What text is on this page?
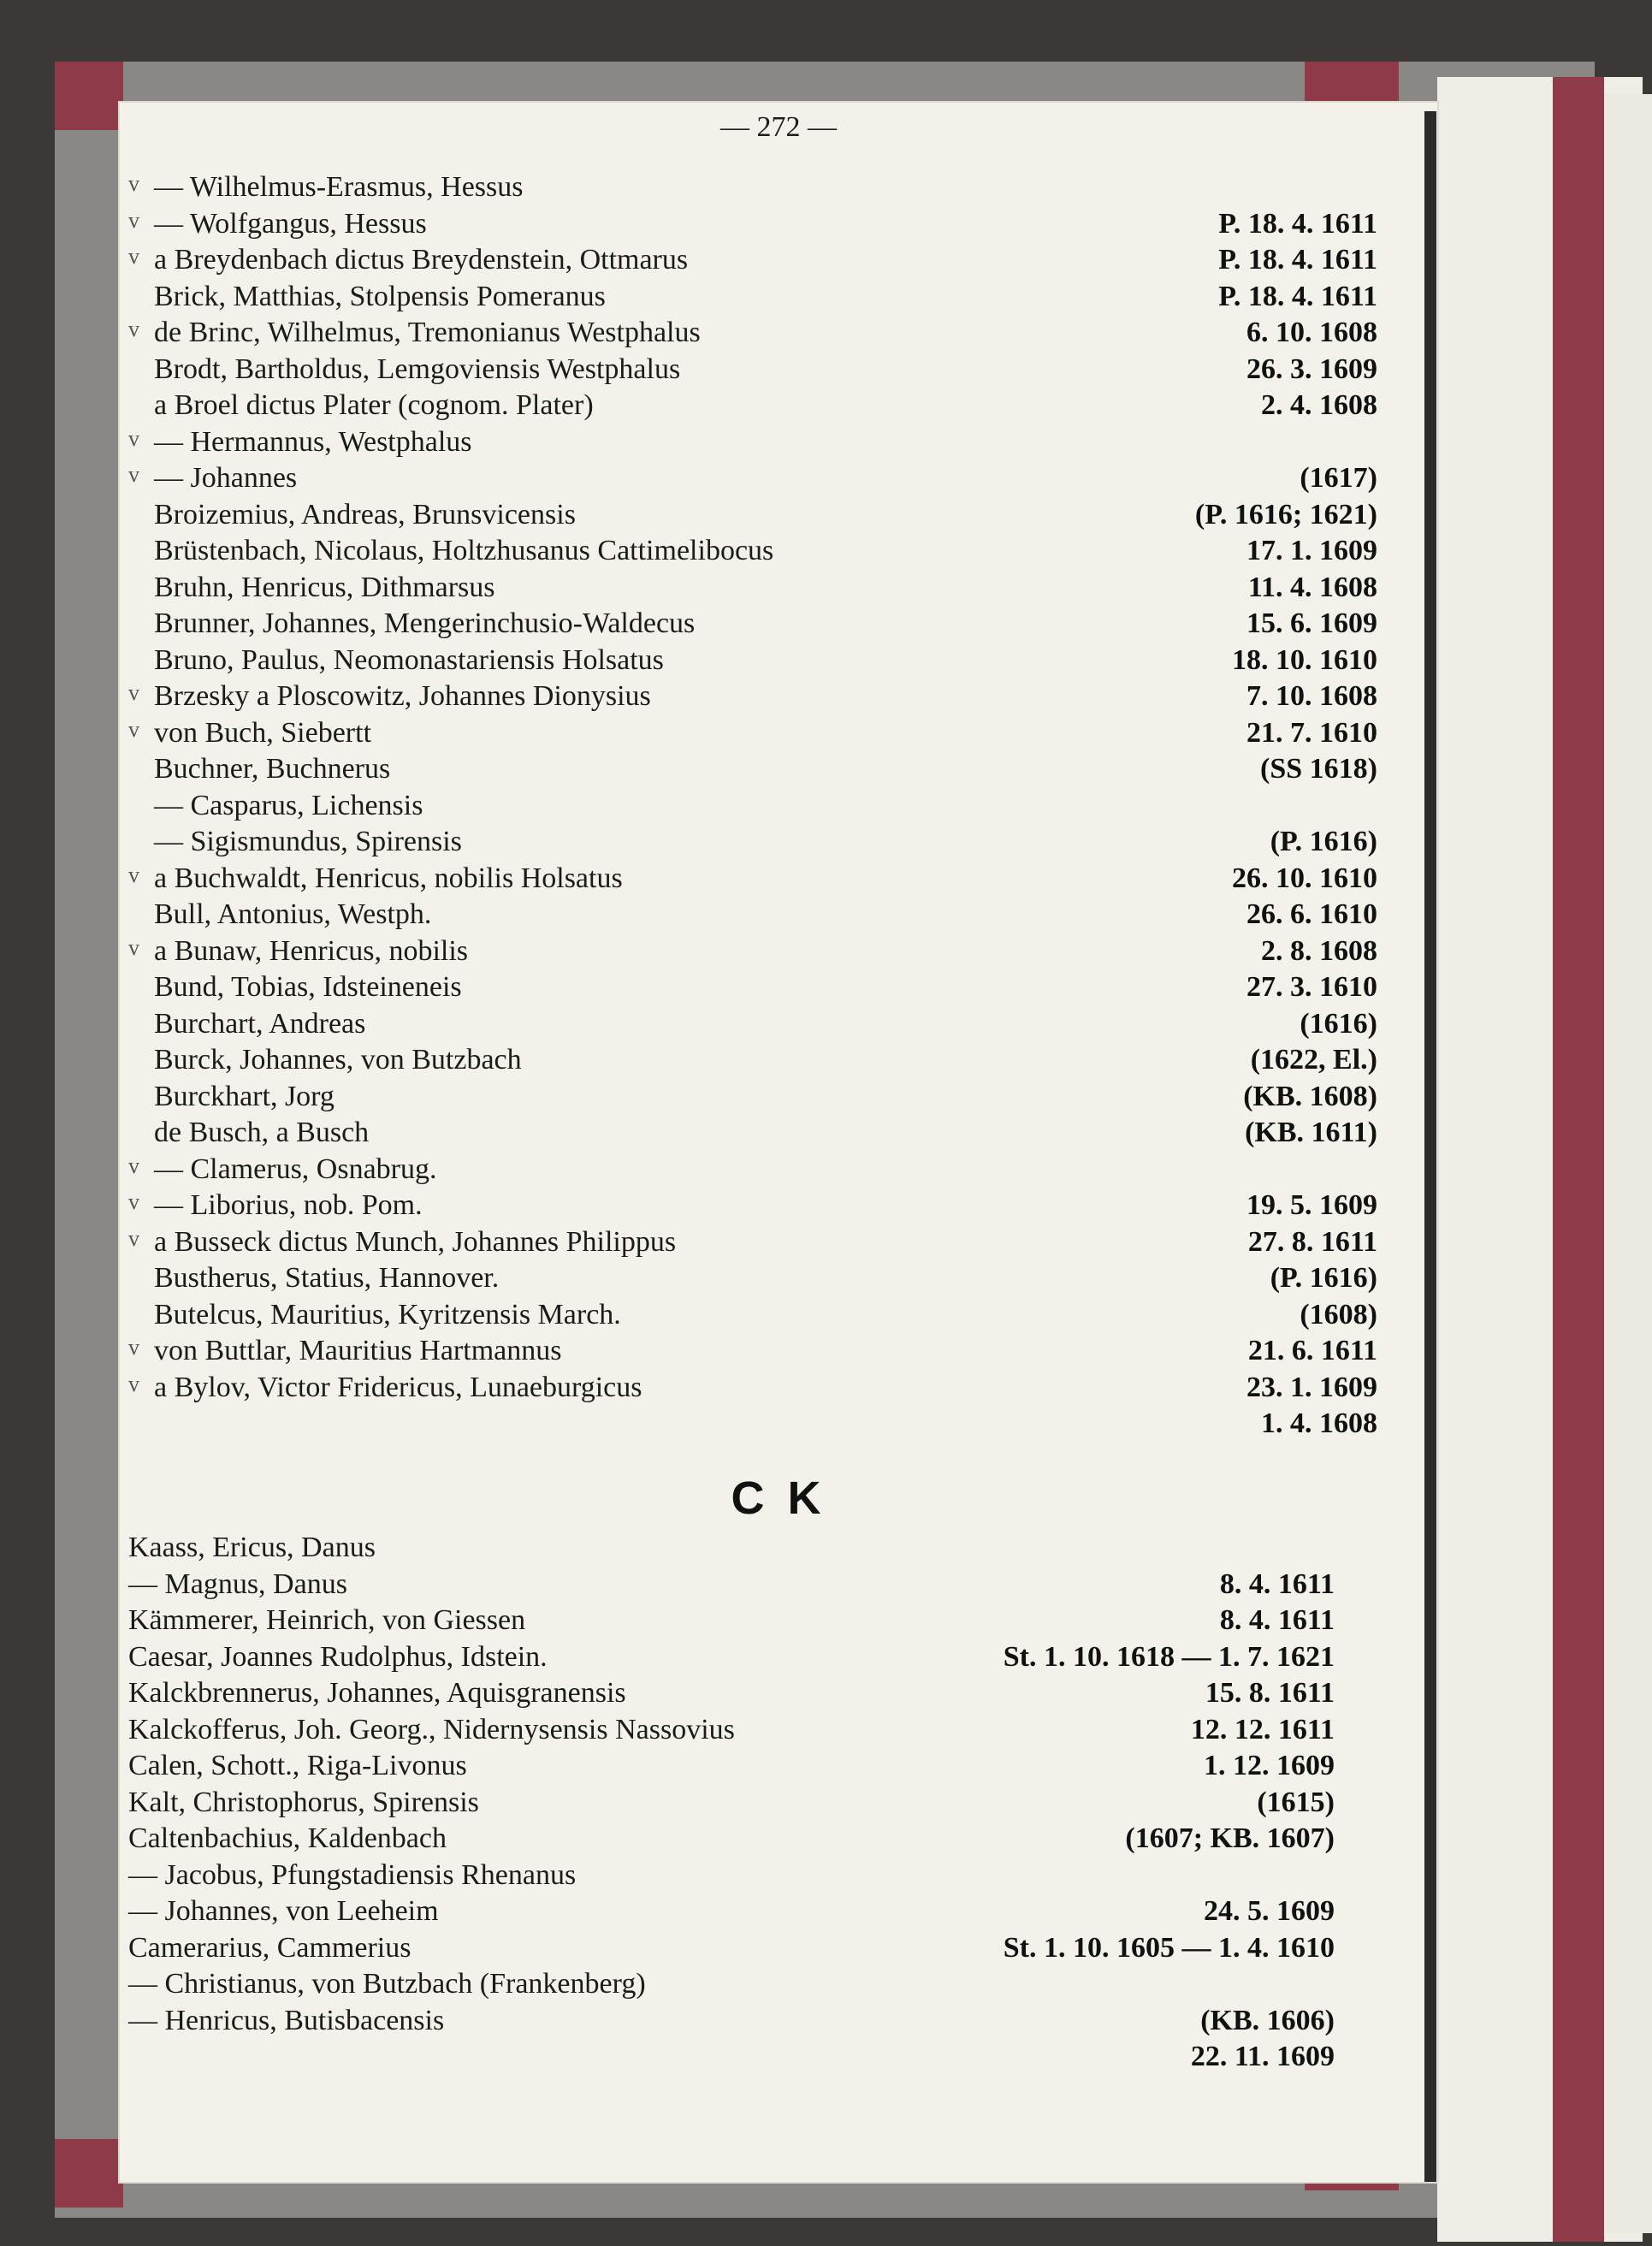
— 272 —
v — Wilhelmus-Erasmus, Hessus
v — Wolfgangus, Hessus	P. 18. 4. 1611
v a Breydenbach dictus Breydenstein, Ottmarus	P. 18. 4. 1611
Brick, Matthias, Stolpensis Pomeranus	P. 18. 4. 1611
v de Brinc, Wilhelmus, Tremonianus Westphalus	6. 10. 1608
Brodt, Bartholdus, Lemgoviensis Westphalus	26. 3. 1609
a Broel dictus Plater (cognom. Plater)	2. 4. 1608
v — Hermannus, Westphalus
v — Johannes	(1617)
Broizemius, Andreas, Brunsvicensis	(P. 1616; 1621)
Brüstenbach, Nicolaus, Holtzhusanus Cattimelibocus	17. 1. 1609
Bruhn, Henricus, Dithmarsus	11. 4. 1608
Brunner, Johannes, Mengerinchusio-Waldecus	15. 6. 1609
Bruno, Paulus, Neomonastariensis Holsatus	18. 10. 1610
v Brzesky a Ploscowitz, Johannes Dionysius	7. 10. 1608
v von Buch, Siebertt	21. 7. 1610
Buchner, Buchnerus	(SS 1618)
— Casparus, Lichensis
— Sigismundus, Spirensis	(P. 1616)
v a Buchwaldt, Henricus, nobilis Holsatus	26. 10. 1610
Bull, Antonius, Westph.	26. 6. 1610
v a Bunaw, Henricus, nobilis	2. 8. 1608
Bund, Tobias, Idsteineneis	27. 3. 1610
Burchart, Andreas	(1616)
Burck, Johannes, von Butzbach	(1622, El.)
Burckhart, Jorg	(KB. 1608)
de Busch, a Busch	(KB. 1611)
v — Clamerus, Osnabrug.
v — Liborius, nob. Pom.	19. 5. 1609
v a Busseck dictus Munch, Johannes Philippus	27. 8. 1611
Bustherus, Statius, Hannover.	(P. 1616)
Butelcus, Mauritius, Kyritzensis March.	(1608)
v von Buttlar, Mauritius Hartmannus	21. 6. 1611
v a Bylov, Victor Fridericus, Lunaeburgicus	23. 1. 1609
1. 4. 1608
C K
Kaass, Ericus, Danus
— Magnus, Danus	8. 4. 1611
Kämmerer, Heinrich, von Giessen	8. 4. 1611
Caesar, Joannes Rudolphus, Idstein.	St. 1. 10. 1618 — 1. 7. 1621
Kalckbrennerus, Johannes, Aquisgranensis	15. 8. 1611
Kalckofferus, Joh. Georg., Nidernysensis Nassovius	12. 12. 1611
Calen, Schott., Riga-Livonus	1. 12. 1609
Kalt, Christophorus, Spirensis	(1615)
Caltenbachius, Kaldenbach	(1607; KB. 1607)
— Jacobus, Pfungstadiensis Rhenanus
— Johannes, von Leeheim	24. 5. 1609
Camerarius, Cammerius	St. 1. 10. 1605 — 1. 4. 1610
— Christianus, von Butzbach (Frankenberg)
— Henricus, Butisbacensis	(KB. 1606)
22. 11. 1609
